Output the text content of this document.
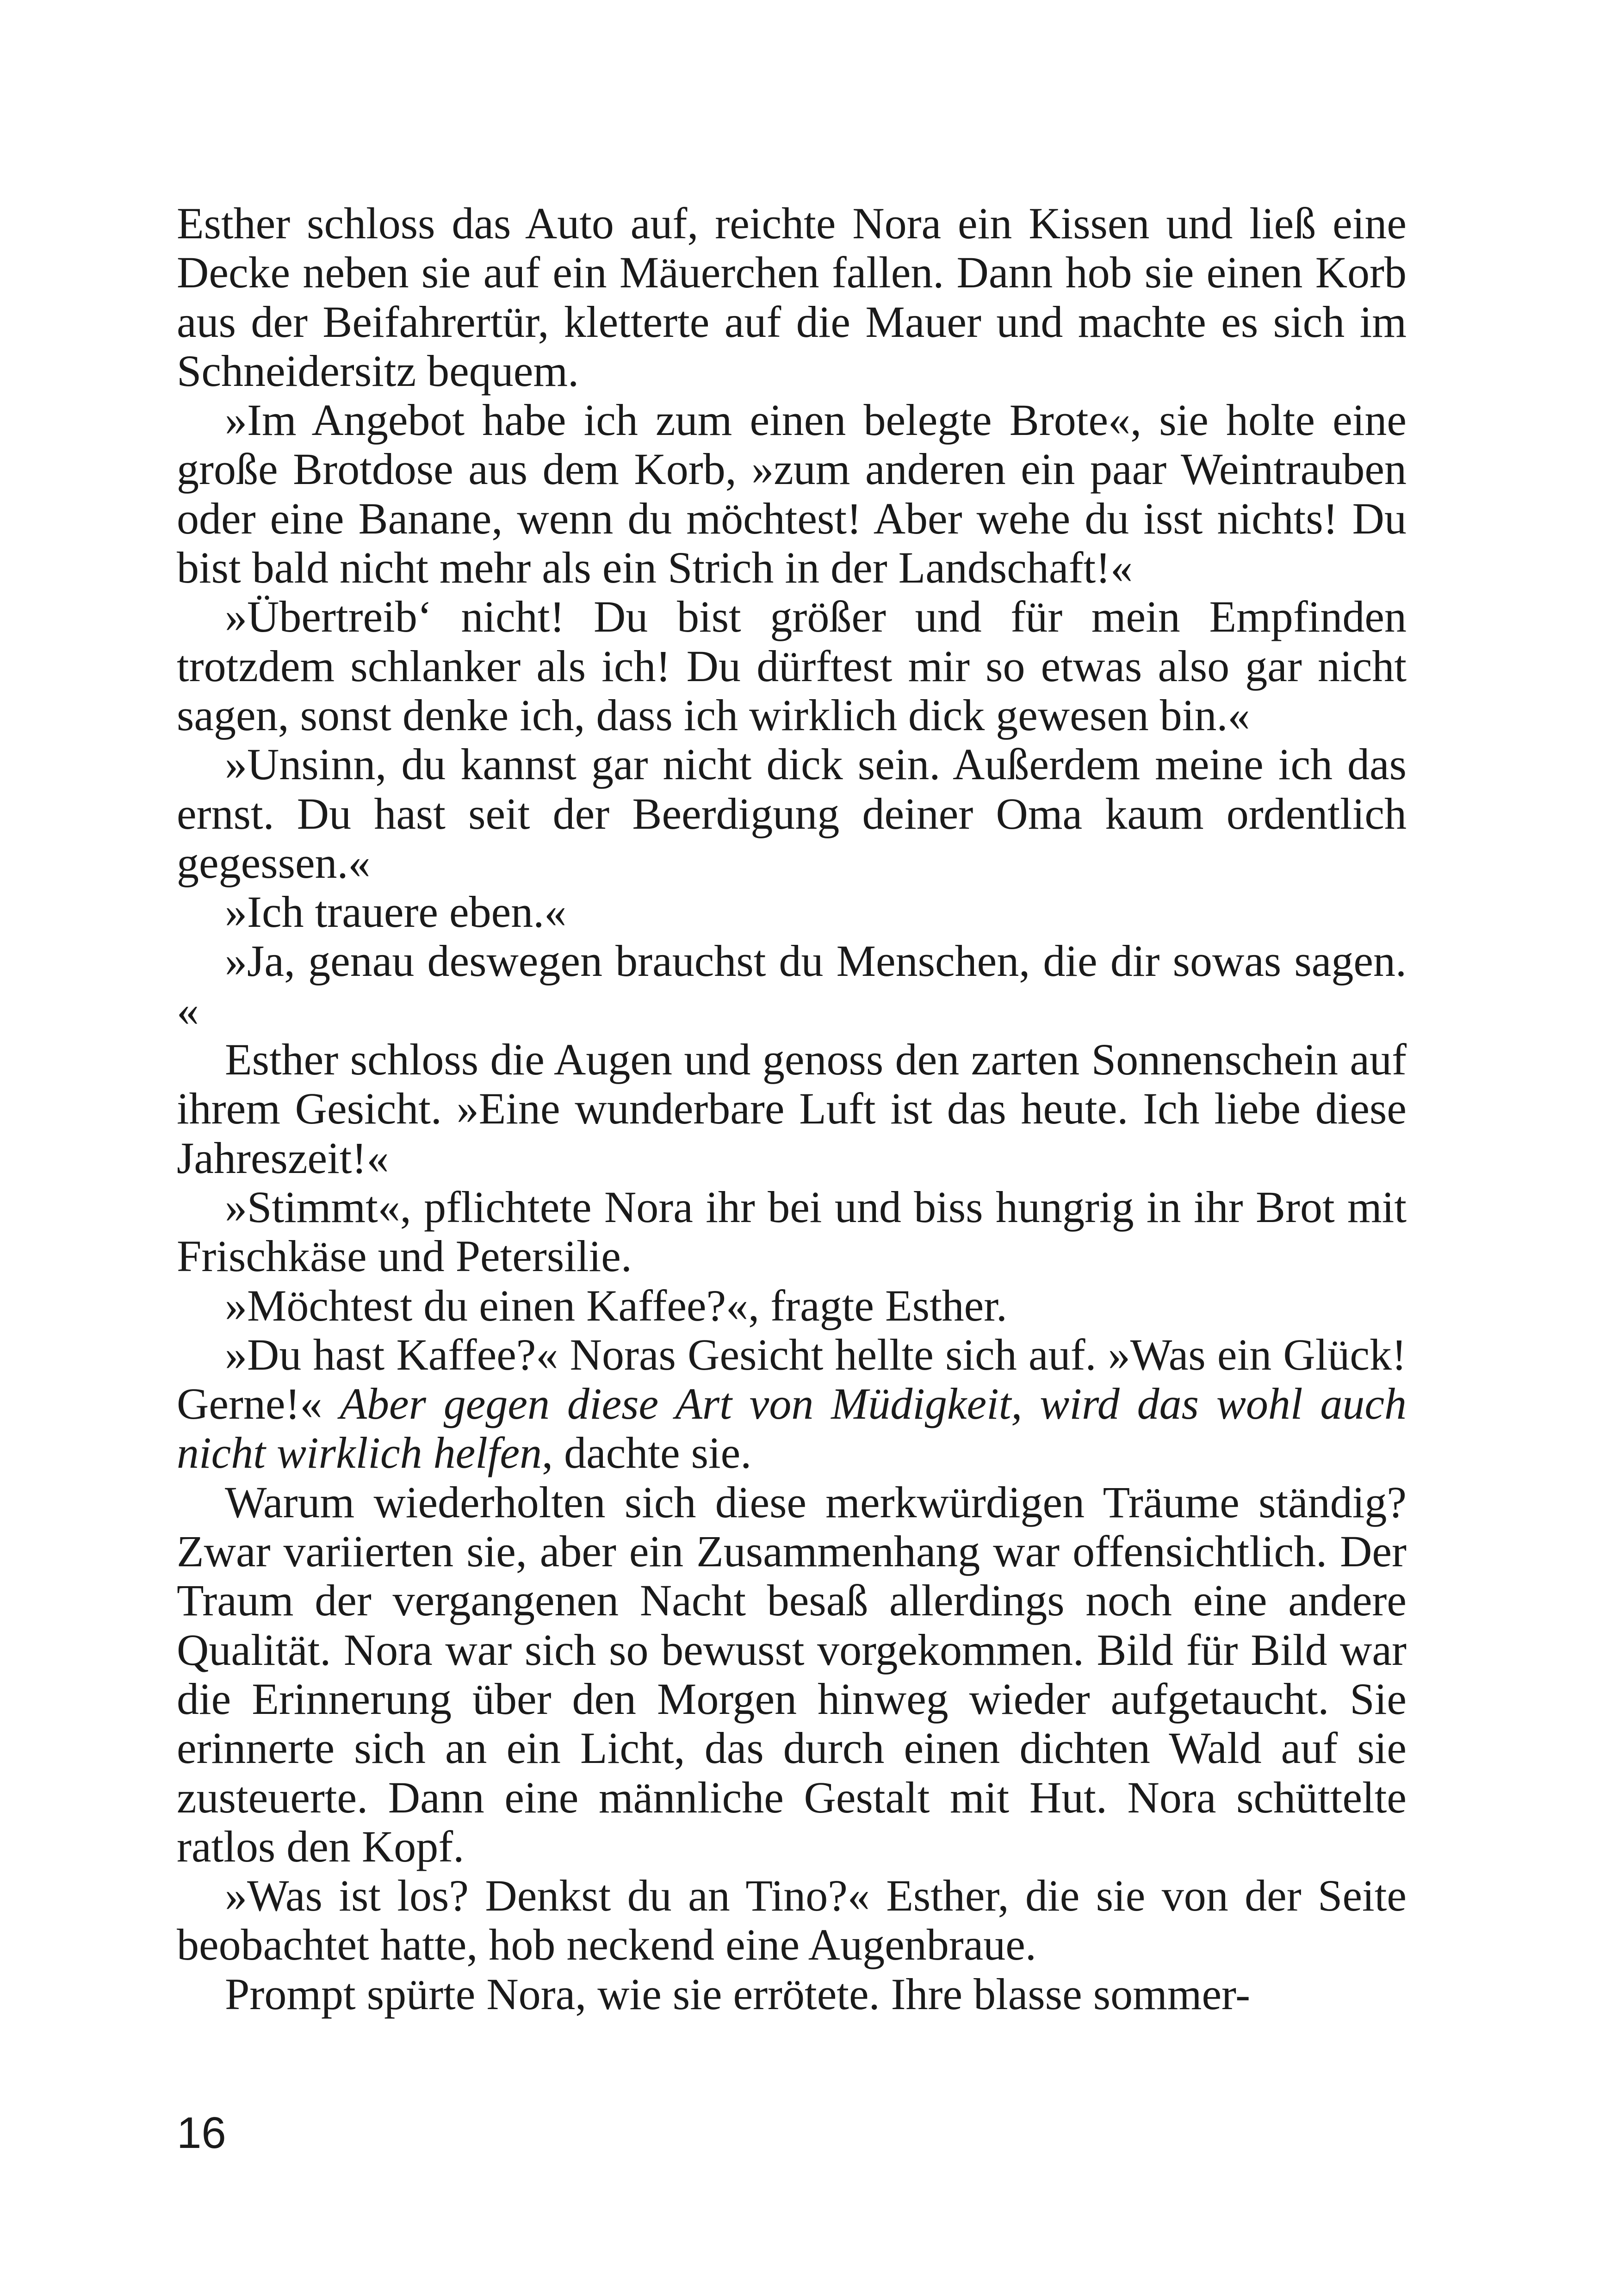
Esther schloss das Auto auf, reichte Nora ein Kissen und ließ eine Decke neben sie auf ein Mäuerchen fallen. Dann hob sie einen Korb aus der Beifahrertür, kletterte auf die Mauer und machte es sich im Schneidersitz bequem.

»Im Angebot habe ich zum einen belegte Brote«, sie holte eine große Brotdose aus dem Korb, »zum anderen ein paar Weintrauben oder eine Banane, wenn du möchtest! Aber wehe du isst nichts! Du bist bald nicht mehr als ein Strich in der Landschaft!«

»Übertreib‘ nicht! Du bist größer und für mein Empfinden trotzdem schlanker als ich! Du dürftest mir so etwas also gar nicht sagen, sonst denke ich, dass ich wirklich dick gewesen bin.«

»Unsinn, du kannst gar nicht dick sein. Außerdem meine ich das ernst. Du hast seit der Beerdigung deiner Oma kaum ordentlich gegessen.«

»Ich trauere eben.«

»Ja, genau deswegen brauchst du Menschen, die dir sowas sagen. «

Esther schloss die Augen und genoss den zarten Sonnenschein auf ihrem Gesicht. »Eine wunderbare Luft ist das heute. Ich liebe diese Jahreszeit!«

»Stimmt«, pflichtete Nora ihr bei und biss hungrig in ihr Brot mit Frischkäse und Petersilie.

»Möchtest du einen Kaffee?«, fragte Esther.

»Du hast Kaffee?« Noras Gesicht hellte sich auf. »Was ein Glück! Gerne!« Aber gegen diese Art von Müdigkeit, wird das wohl auch nicht wirklich helfen, dachte sie.

Warum wiederholten sich diese merkwürdigen Träume ständig? Zwar variierten sie, aber ein Zusammenhang war offensichtlich. Der Traum der vergangenen Nacht besaß allerdings noch eine andere Qualität. Nora war sich so bewusst vorgekommen. Bild für Bild war die Erinnerung über den Morgen hinweg wieder aufgetaucht. Sie erinnerte sich an ein Licht, das durch einen dichten Wald auf sie zusteuerte. Dann eine männliche Gestalt mit Hut. Nora schüttelte ratlos den Kopf.

»Was ist los? Denkst du an Tino?« Esther, die sie von der Seite beobachtet hatte, hob neckend eine Augenbraue.

Prompt spürte Nora, wie sie errötete. Ihre blasse sommer-

16
